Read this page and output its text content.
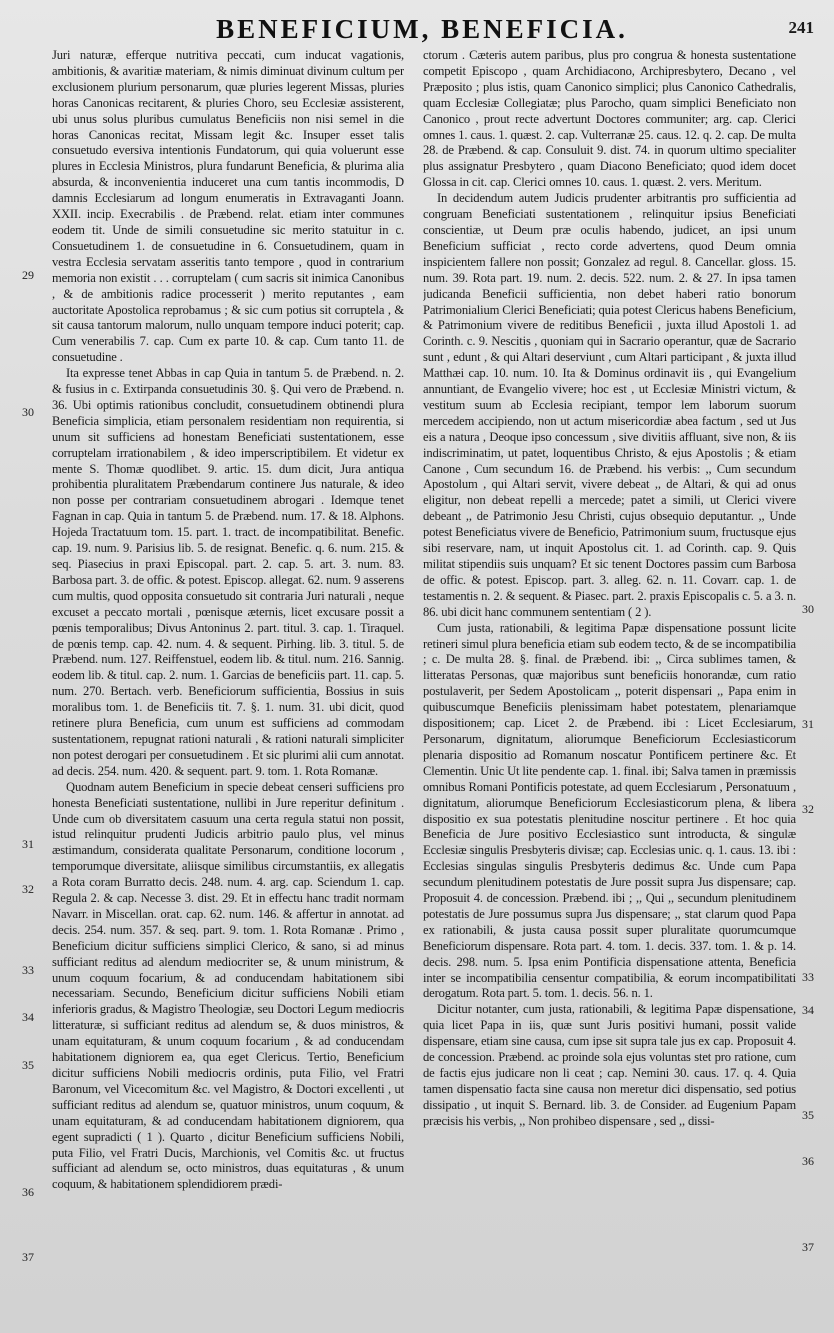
BENEFICIUM, BENEFICIA.	241

Juri naturæ, efferque nutritiva peccati, cum inducat vagationis, ambitionis, & avaritiæ materiam, & nimis diminuat divinum cultum per exclusionem plurium personarum, quæ pluries legerent Missas, pluries horas Canonicas recitarent, & pluries Choro, seu Ecclesiæ assisterent, ubi unus solus pluribus cumulatus Beneficiis non nisi semel in die horas Canonicas recitat, Missam legit &c. Insuper esset talis consuetudo eversiva intentionis Fundatorum, qui quia voluerunt esse plures in Ecclesia Ministros, plura fundarunt Beneficia, & plurima alia absurda, & inconvenientia induceret una cum tantis incommodis, D damnis Ecclesiarum ad longum enumeratis in Extravaganti Joann. XXII. incip. Execrabilis . de Præbend. relat. etiam inter communes eodem tit. Unde de simili consuetudine sic merito statuitur in c. Consuetudinem 1. de consuetudine in 6. Consuetudinem, quam in vestra Ecclesia servatam asseritis tanto tempore , quod in contrarium memoria non existit . . . corruptelam ( cum sacris sit inimica Canonibus , & de ambitionis radice processerit ) merito reputantes , eam auctoritate Apostolica reprobamus ; & sic cum potius sit corruptela , & sit causa tantorum malorum, nullo unquam tempore induci poterit; cap. Cum venerabilis 7. cap. Cum ex parte 10. & cap. Cum tanto 11. de consuetudine .

Ita expresse tenet Abbas in cap Quia in tantum 5. de Præbend. n. 2. & fusius in c. Extirpanda consuetudinis 30. §. Qui vero de Præbend. n. 36. Ubi optimis rationibus concludit, consuetudinem obtinendi plura Beneficia simplicia, etiam personalem residentiam non requirentia, si unum sit sufficiens ad honestam Beneficiati sustentationem, esse corruptelam irrationabilem , & ideo imperscriptibilem. Et videtur ex mente S. Thomæ quodlibet. 9. artic. 15. dum dicit, Jura antiqua prohibentia pluralitatem Præbendarum continere Jus naturale, & ideo non posse per contrariam consuetudinem abrogari . Idemque tenet Fagnan in cap. Quia in tantum 5. de Præbend. num. 17. & 18. Alphons. Hojeda Tractatuum tom. 15. part. 1. tract. de incompatibilitat. Benefic. cap. 19. num. 9. Parisius lib. 5. de resignat. Benefic. q. 6. num. 215. & seq. Piasecius in praxi Episcopal. part. 2. cap. 5. art. 3. num. 83. Barbosa part. 3. de offic. & potest. Episcop. allegat. 62. num. 9 asserens cum multis, quod opposita consuetudo sit contraria Juri naturali , neque excuset a peccato mortali , pœnisque æternis, licet excusare possit a pœnis temporalibus; Divus Antoninus 2. part. titul. 3. cap. 1. Tiraquel. de pœnis temp. cap. 42. num. 4. & sequent. Pirhing. lib. 3. titul. 5. de Præbend. num. 127. Reiffenstuel, eodem lib. & titul. num. 216. Sannig. eodem lib. & titul. cap. 2. num. 1. Garcias de beneficiis part. 11. cap. 5. num. 270. Bertach. verb. Beneficiorum sufficientia, Bossius in suis moralibus tom. 1. de Beneficiis tit. 7. §. 1. num. 31. ubi dicit, quod retinere plura Beneficia, cum unum est sufficiens ad commodam sustentationem, repugnat rationi naturali , & rationi naturali simpliciter non potest derogari per consuetudinem . Et sic plurimi alii cum annotat. ad decis. 254. num. 420. & sequent. part. 9. tom. 1. Rota Romanæ.

Quodnam autem Beneficium in specie debeat censeri sufficiens pro honesta Beneficiati sustentatione, nullibi in Jure reperitur definitum . Unde cum ob diversitatem casuum una certa regula statui non possit, istud relinquitur prudenti Judicis arbitrio paulo plus, vel minus æstimandum, considerata qualitate Personarum, conditione locorum , temporumque diversitate, aliisque similibus circumstantiis, ex allegatis a Rota coram Burratto decis. 248. num. 4. arg. cap. Sciendum 1. cap. Regula 2. & cap. Necesse 3. dist. 29. Et in effectu hanc tradit normam Navarr. in Miscellan. orat. cap. 62. num. 146. & affertur in annotat. ad decis. 254. num. 357. & seq. part. 9. tom. 1. Rota Romanæ . Primo , Beneficium dicitur sufficiens simplici Clerico, & sano, si ad minus sufficiant reditus ad alendum mediocriter se, & unum ministrum, & unum coquum focarium, & ad conducendam habitationem sibi necessariam. Secundo, Beneficium dicitur sufficiens Nobili etiam inferioris gradus, & Magistro Theologiæ, seu Doctori Legum mediocris litteraturæ, si sufficiant reditus ad alendum se, & duos ministros, & unam equitaturam, & unum coquum focarium , & ad conducendam habitationem digniorem ea, qua eget Clericus. Tertio, Beneficium dicitur sufficiens Nobili mediocris ordinis, puta Filio, vel Fratri Baronum, vel Vicecomitum &c. vel Magistro, & Doctori excellenti , ut sufficiant reditus ad alendum se, quatuor ministros, unum coquum, & unam equitaturam, & ad conducendam habitationem digniorem, qua egent supradicti ( 1 ). Quarto , dicitur Beneficium sufficiens Nobili, puta Filio, vel Fratri Ducis, Marchionis, vel Comitis &c. ut fructus sufficiant ad alendum se, octo ministros, duas equitaturas , & unum coquum, & habitationem splendidiorem prædi-

ctorum . Cæteris autem paribus, plus pro congrua & honesta sustentatione competit Episcopo , quam Archidiacono, Archipresbytero, Decano , vel Præposito ; plus istis, quam Canonico simplici; plus Canonico Cathedralis, quam Ecclesiæ Collegiatæ; plus Parocho, quam simplici Beneficiato non Canonico , prout recte advertunt Doctores communiter; arg. cap. Clerici omnes 1. caus. 1. quæst. 2. cap. Vulterranæ 25. caus. 12. q. 2. cap. De multa 28. de Præbend. & cap. Consuluit 9. dist. 74. in quorum ultimo specialiter plus assignatur Presbytero , quam Diacono Beneficiato; quod idem docet Glossa in cit. cap. Clerici omnes 10. caus. 1. quæst. 2. vers. Meritum.

In decidendum autem Judicis prudenter arbitrantis pro sufficientia ad congruam Beneficiati sustentationem , relinquitur ipsius Beneficiati conscientiæ, ut Deum præ oculis habendo, judicet, an ipsi unum Beneficium sufficiat , recto corde advertens, quod Deum omnia inspicientem fallere non possit; Gonzalez ad regul. 8. Cancellar. gloss. 15. num. 39. Rota part. 19. num. 2. decis. 522. num. 2. & 27. In ipsa tamen judicanda Beneficii sufficientia, non debet haberi ratio bonorum Patrimonialium Clerici Beneficiati; quia potest Clericus habens Beneficium, & Patrimonium vivere de reditibus Beneficii , juxta illud Apostoli 1. ad Corinth. c. 9. Nescitis , quoniam qui in Sacrario operantur, quæ de Sacrario sunt , edunt , & qui Altari deserviunt , cum Altari participant , & juxta illud Matthæi cap. 10. num. 10. Ita & Dominus ordinavit iis , qui Evangelium annuntiant, de Evangelio vivere; hoc est , ut Ecclesiæ Ministri victum, & vestitum suum ab Ecclesia recipiant, tempor lem laborum suorum mercedem accipiendo, non ut actum misericordiæ abea factum , sed ut Jus eis a natura , Deoque ipso concessum , sive divitiis affluant, sive non, & iis indiscriminatim, ut patet, loquentibus Christo, & ejus Apostolis ; & etiam Canone , Cum secundum 16. de Præbend. his verbis: ,, Cum secundum Apostolum , qui Altari servit, vivere debeat ,, de Altari, & qui ad onus eligitur, non debeat repelli a mercede; patet a simili, ut Clerici vivere debeant ,, de Patrimonio Jesu Christi, cujus obsequio deputantur. ,, Unde potest Beneficiatus vivere de Beneficio, Patrimonium suum, fructusque ejus sibi reservare, nam, ut inquit Apostolus cit. 1. ad Corinth. cap. 9. Quis militat stipendiis suis unquam? Et sic tenent Doctores passim cum Barbosa de offic. & potest. Episcop. part. 3. alleg. 62. n. 11. Covarr. cap. 1. de testamentis n. 2. & sequent. & Piasec. part. 2. praxis Episcopalis c. 5. a 3. n. 86. ubi dicit hanc communem sententiam ( 2 ).

Cum justa, rationabili, & legitima Papæ dispensatione possunt licite retineri simul plura beneficia etiam sub eodem tecto, & de se incompatibilia ; c. De multa 28. §. final. de Præbend. ibi: ,, Circa sublimes tamen, & litteratas Personas, quæ majoribus sunt beneficiis honorandæ, cum ratio postulaverit, per Sedem Apostolicam ,, poterit dispensari ,, Papa enim in quibuscumque Beneficiis plenissimam habet potestatem, plenariamque dispositionem; cap. Licet 2. de Præbend. ibi : Licet Ecclesiarum, Personarum, dignitatum, aliorumque Beneficiorum Ecclesiasticorum plenaria dispositio ad Romanum noscatur Pontificem pertinere &c. Et Clementin. Unic Ut lite pendente cap. 1. final. ibi; Salva tamen in præmissis omnibus Romani Pontificis potestate, ad quem Ecclesiarum , Personatuum , dignitatum, aliorumque Beneficiorum Ecclesiasticorum plena, & libera dispositio ex sua potestatis plenitudine noscitur pertinere . Et hoc quia Beneficia de Jure positivo Ecclesiastico sunt introducta, & singulæ Ecclesiæ singulis Presbyteris divisæ; cap. Ecclesias unic. q. 1. caus. 13. ibi : Ecclesias singulas singulis Presbyteris dedimus &c. Unde cum Papa secundum plenitudinem potestatis de Jure possit supra Jus dispensare; cap. Proposuit 4. de concession. Præbend. ibi ; ,, Qui ,, secundum plenitudinem potestatis de Jure possumus supra Jus dispensare; ,, stat clarum quod Papa ex rationabili, & justa causa possit super pluralitate quorumcumque Beneficiorum dispensare. Rota part. 4. tom. 1. decis. 337. tom. 1. & p. 14. decis. 298. num. 5. Ipsa enim Pontificia dispensatione attenta, Beneficia inter se incompatibilia censentur compatibilia, & eorum incompatibilitati derogatum. Rota part. 5. tom. 1. decis. 56. n. 1.

Dicitur notanter, cum justa, rationabili, & legitima Papæ dispensatione, quia licet Papa in iis, quæ sunt Juris positivi humani, possit valide dispensare, etiam sine causa, cum ipse sit supra tale jus ex cap. Proposuit 4. de concession. Præbend. ac proinde sola ejus voluntas stet pro ratione, cum de factis ejus judicare non li ceat ; cap. Nemini 30. caus. 17. q. 4. Quia tamen dispensatio facta sine causa non meretur dici dispensatio, sed potius dissipatio , ut inquit S. Bernard. lib. 3. de Consider. ad Eugenium Papam præcisis his verbis, ,, Non prohibeo dispensare , sed ,, dissi-

29
30
31
32
33
34
35
36
37
30
31
32
33
34
35
36
37
